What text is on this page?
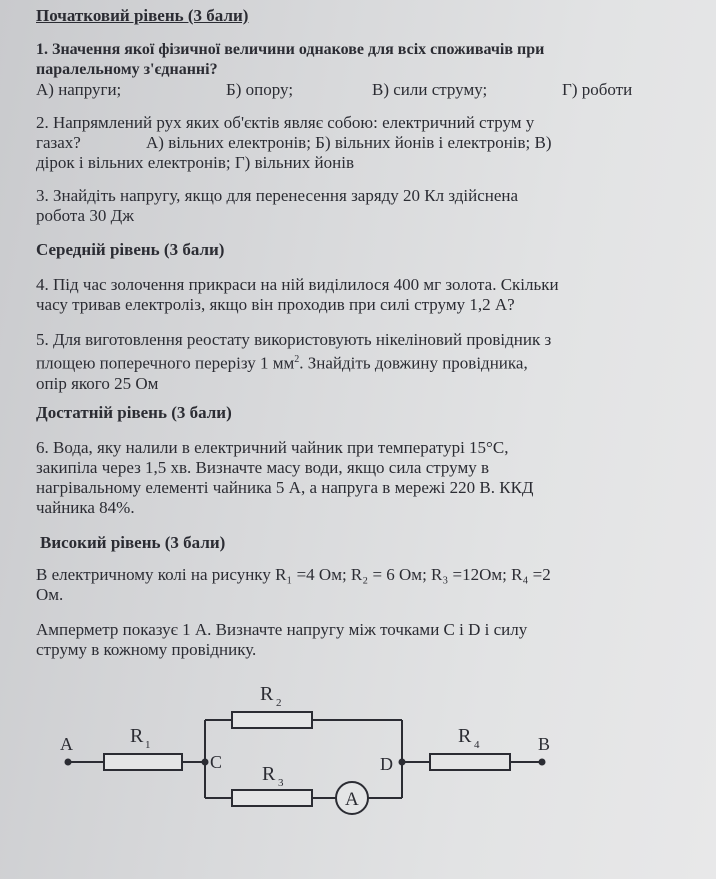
Початковий рівень (3 бали)
1. Значення якої фізичної величини однакове для всіх споживачів при
паралельному з'єднанні?
А) напруги;	Б) опору;	В) сили струму;	Г) роботи
2. Напрямлений рух яких об'єктів являє собою: електричний струм у
газах?	А) вільних електронів; Б) вільних йонів і електронів; В)
дірок і вільних електронів; Г) вільних йонів
3. Знайдіть напругу, якщо для перенесення заряду 20 Кл здійснена
робота 30 Дж
Середній рівень (3 бали)
4. Під час золочення прикраси на ній виділилося 400 мг золота. Скільки
часу тривав електроліз, якщо він проходив при силі струму 1,2 А?
5. Для виготовлення реостату використовують нікеліновий провідник з
площею поперечного перерізу 1 $мм^2$. Знайдіть довжину провідника,
опір якого 25 Ом
Достатній рівень (3 бали)
6. Вода, яку налили в електричний чайник при температурі 15°С,
закипіла через 1,5 хв. Визначте масу води, якщо сила струму в
нагрівальному елементі чайника 5 А, а напруга в мережі 220 В. ККД
чайника 84%.
Високий рівень (3 бали)
В електричному колі на рисунку R₁ =4 Ом; R₂ = 6 Ом; R₃ =12Ом; R₄ =2
Ом.
Амперметр показує 1 А. Визначте напругу між точками С і D і силу
струму в кожному провіднику.
A
C	D
B
R 1
R 2
R 3
R 4
A
